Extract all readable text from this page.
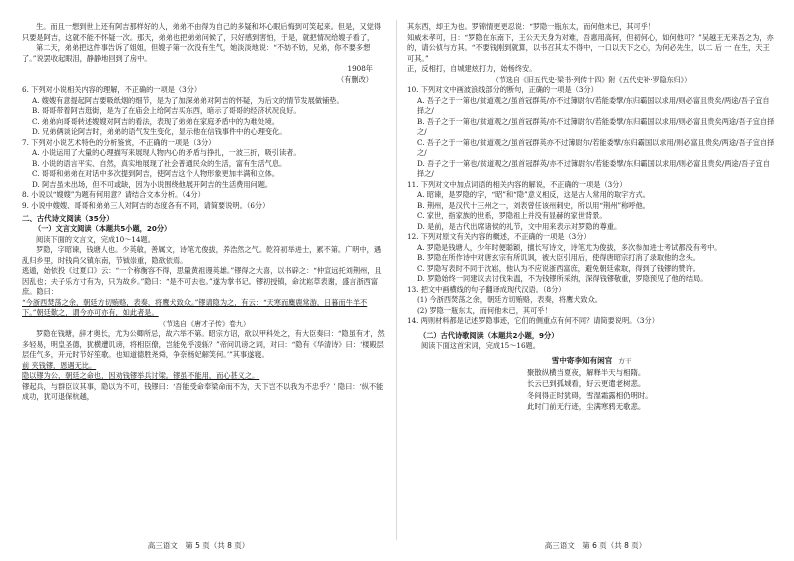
生。而且一想到世上还有阿吉那样好的人，弟弟不由得为自己的多疑和坏心眼后悔到可笑起来。但是，又觉得只要是阿吉，这就不能不怀疑一次。那天，弟弟也把弟弟问候了，只好感到害怕，于是，就把情况给嫂子看了，

第二天，弟弟把这件事告诉了姐姐，但嫂子第一次没有生气，她淡淡地说：“不妨不妨，兄弟，你不要多想了。”说罢收起眼泪，静静地回到了房中。

1908年

（有删改）

6. 下列对小说相关内容的理解，不正确的一项是（3分）

A. 嫂嫂有意提起阿吉要吸纸烟的细节，是为了加深弟弟对阿吉的怀疑，为后文的情节发展做铺垫。

B. 哥哥带着阿吉逛街，是为了在庙会上给阿吉买东西，暗示了哥哥的经济状况良好。

C. 弟弟向哥哥转述嫂嫂对阿吉的看法，表现了弟弟在家庭矛盾中的为难处境。

D. 兄弟俩谈论阿吉时，弟弟的语气发生变化，显示他在信钱事件中的心理变化。

7. 下列对小说艺术特色的分析鉴赏，不正确的一项是（3分）

A. 小说运用了大量的心理描写来展现人物内心的矛盾与挣扎，一波三折，吸引读者。

B. 小说的语言平实、自然，真实地展现了社会普通民众的生活，富有生活气息。

C. 哥哥和弟弟在对话中多次提到阿吉，使阿吉这个人物形象更加丰满和立体。

D. 阿吉虽未出场，但不可或缺，因为小说围绕他展开阿吉的生活费用问题。

8. 小说以“嫂嫂”为题有何用意？请结合文本分析。（4分）

9. 小说中嫂嫂、哥哥和弟弟三人对阿吉的态度各有不同，请简要说明。（6分）

二、古代诗文阅读（35分）

（一）文言文阅读（本题共5小题，20分）

阅读下面的文言文，完成10～14题。

罗隐，字昭谏，钱塘人也。少英敏，善属文，诗笔尤俊拔，养浩然之气。乾符初举进士，累不第。广明中，遇乱归乡里，时钱尚父镇东南，节钺崇重，隐欲依焉。

逃遁，始依投《过夏口》云：“一个称衡容不得，思量黄祖谩英雄。”镠得之大喜，以书辟之：“仲宣远托刘荆州，且因乱也；夫子乐方寸有为，只为故乡。”隐曰：“是不可去也。”遂为掌书记。镠初授镇，命沈崧草表谢，盛言浙西富庶。隐曰：

“今浙西焚荡之余，朝廷方切贿赂，表奏，将鹰犬致众。”镠请隐为之，有云：“天寒而麋鹿常游，日暮而牛羊不下。”朝廷歎之，谓今亦可亦有，如此者是。

（节选自《唐才子传》卷九）

罗隐在钱塘，辞才奥长，尤为公卿所忌，故六举不第。昭宗方诏，欲以甲科处之，有大臣奏曰：“隐虽有才，然多轻易，明皇圣德，犹横遭讥谤，将相臣僚，岂能免乎凌轹？”帝问讥谤之词，对曰：“隐有《华清诗》曰：‘楼殿层层佳气多，开元时节好笙歌。也知道德胜尧舜，争奈杨妃解笑何。’”其事遂寝。

前 夹钱镠，恩遇无比。

隐以镠为公，朝廷之命也，因劝钱镠举兵讨梁。镠虽不能用，而心甚义之。

镠起兵，与群臣议其事，隐以为不可，钱镠曰：‘吾能受命奉梁命而不为，天下岂不以我为不忠乎？’ 隐曰：‘纵不能成功，犹可退保杭越，

高三语文　第 5 页（共 8 页）

其东西，却王为也。罗锦情更更忍说：“罗隐一瓶东太，而何他未已，其可乎！

知威未孝可，日：“罗隐在东南下，王公天天身为对难，吾惠用高何，但初何心，如何他可？”吴越王无来吾之为，亦的，请公侦与方其。“不要钱刚到就算，以书召其太不得中，一口以天下之心，为何必先生，以二 后 一 在生，天王可其。”

正，反相打，自城建炫打力，始杨终安。

（节选自《旧五代史·梁书·列传十四》附《五代史补·罗隐东归》）

10. 下列对文中画波浪线部分的断句，正确的一项是（3分）

A. 吾子之于一第也/贫道观之/虽首冠群英/亦不过簿尉尔/若能委擘/东归霸国以求用/则必富且贵矣/两途/吾子宜自择之/

B. 吾子之于一第也/贫道观之/虽首冠群英/亦不过簿尉尔/若能委擘/东归霸国以求用/则必富且贵矣两途/吾子宜自择之/

C. 吾子之于一第也/贫道观之/虽首冠群英亦不过簿尉尔/若能委擘/东归霸国以求用/则必富且贵矣/两途/吾子宜自择之/

D. 吾子之于一第也/贫道观之/虽首冠群英/亦不过簿尉尔/若能委擘/东归霸国以求用/则必富且贵矣/两途/吾子宜自择之/

11. 下列对文中加点词语的相关内容的解说，不正确的一项是（3分）

A. 昭谏，是罗隐的字，“昭”和“隐”意义相反，这是古人常用的取字方式。

B. 荆州，是汉代十三州之一，刘表曾任该州刺史，所以用“荆州”称呼他。

C. 家世，指家族的世系，罗隐祖上并没有显赫的家世背景。

D. 是前，是古代出席诸侯的礼节，文中用来表示对罗隐的尊重。

12. 下列对原文有关内容的概述，不正确的一项是（3分）

A. 罗隐是钱塘人，少年时便聪颖，擅长写诗文，诗笔尤为俊拔，多次参加进士考试都没有考中。

B. 罗隐在所作诗中对唐玄宗有所讥讽，被大臣引用后，使得唐昭宗打消了录取他的念头。

C. 罗隐写表时不同于沈崧，他认为不应说浙西富庶，避免朝廷索取，得到了钱镠的赞许。

D. 罗隐始终一同建议去讨伐朱温，不为钱镠所采纳，深得钱镠敬重，罗隐预见了他的结局。

13. 把文中画横线的句子翻译成现代汉语。（8分）

(1) 今浙西焚荡之余，朝廷方切贿赂，表奏，将鹰犬致众。

(2) 罗隐一瓶东太，而何他未已，其可乎！

14. 两则材料都是记述罗隐事迹，它们的侧重点有何不同？请简要说明。（3分）

（二）古代诗歌阅读（本题共2小题，9分）

阅读下面这首宋词，完成15～16题。

雪中寄李知有闲官 方干

聚散纵横当夏夜，解释半天与相隋。

长云已到孤城看，好云更遣老树悲。

冬间得正时犹碍，雪湿霜露相仍明时。

此时门前无行迹，尘满寒鸦无歌悲。

高三语文　第 6 页（共 8 页）
